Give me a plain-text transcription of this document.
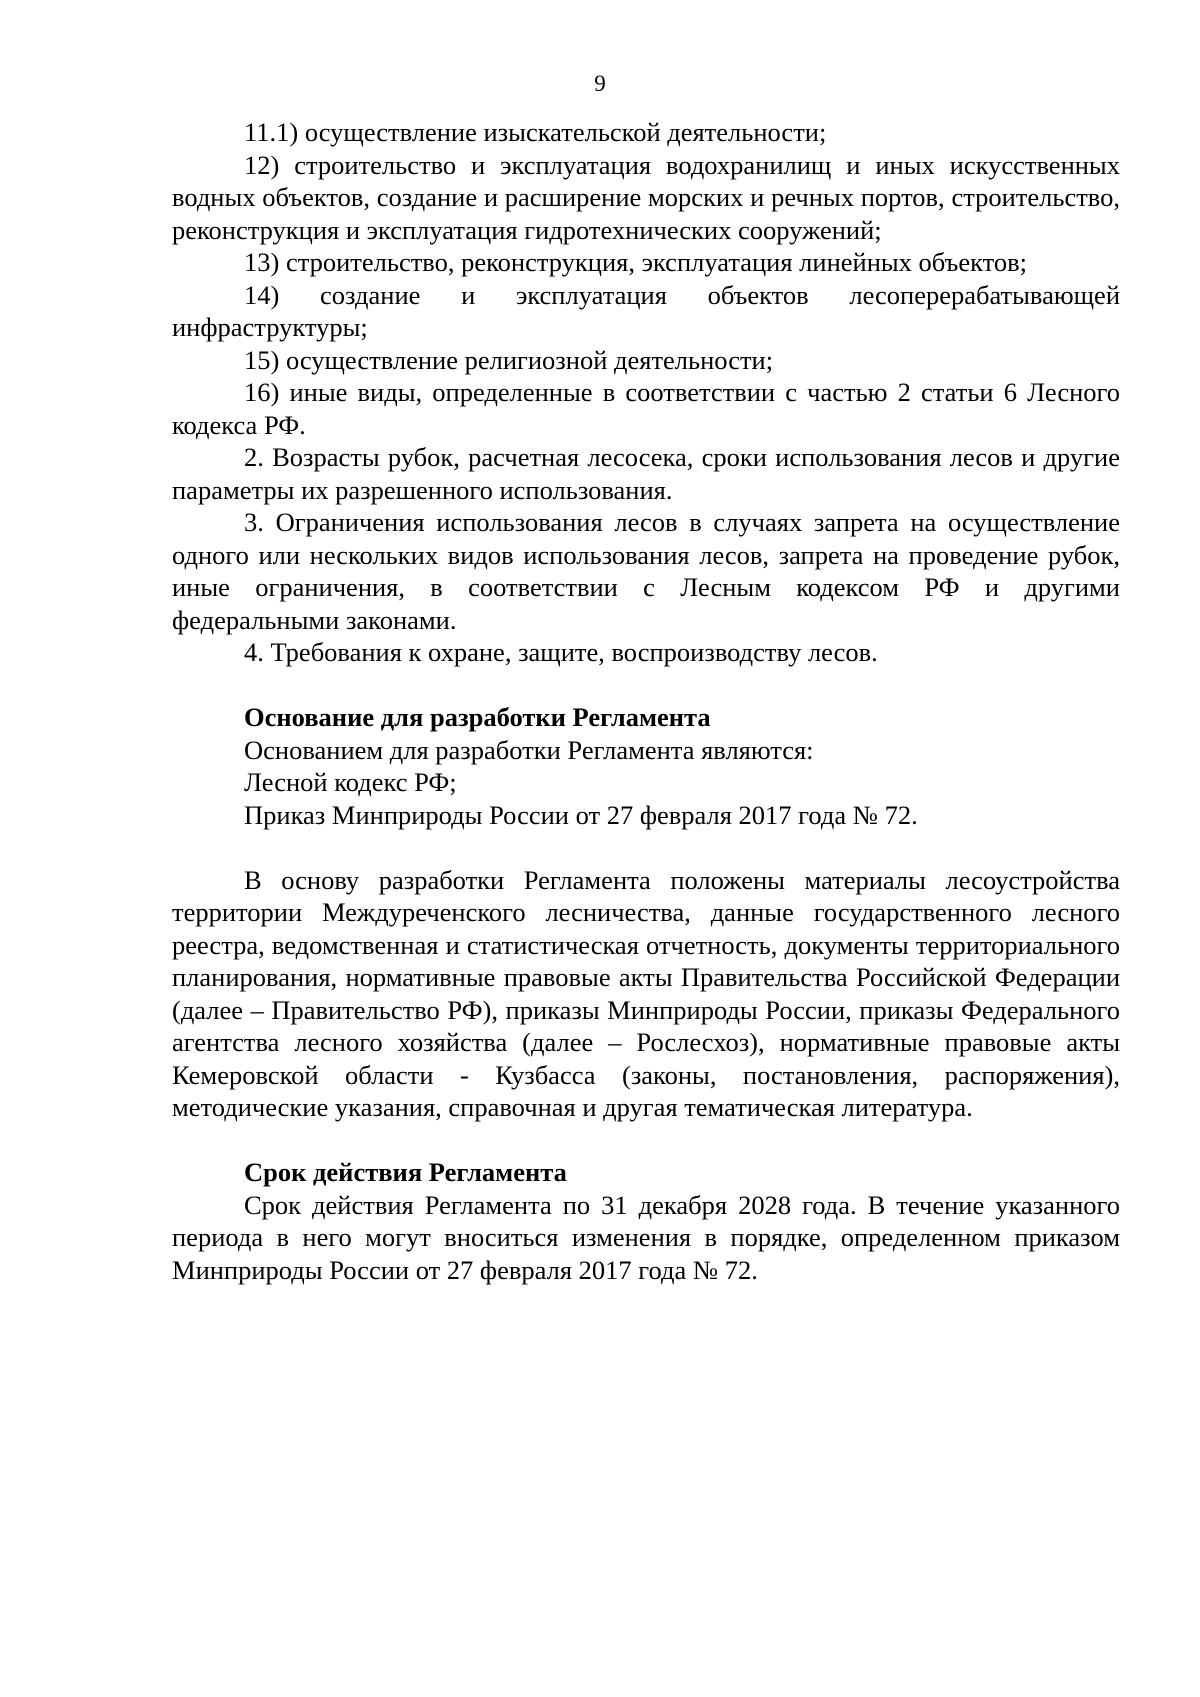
9

11.1) осуществление изыскательской деятельности;

12) строительство и эксплуатация водохранилищ и иных искусственных водных объектов, создание и расширение морских и речных портов, строительство, реконструкция и эксплуатация гидротехнических сооружений;

13) строительство, реконструкция, эксплуатация линейных объектов;

14) создание и эксплуатация объектов лесоперерабатывающей инфраструктуры;

15) осуществление религиозной деятельности;

16) иные виды, определенные в соответствии с частью 2 статьи 6 Лесного кодекса РФ.

2. Возрасты рубок, расчетная лесосека, сроки использования лесов и другие параметры их разрешенного использования.

3. Ограничения использования лесов в случаях запрета на осуществление одного или нескольких видов использования лесов, запрета на проведение рубок, иные ограничения, в соответствии с Лесным кодексом РФ и другими федеральными законами.

4. Требования к охране, защите, воспроизводству лесов.

Основание для разработки Регламента

Основанием для разработки Регламента являются:

Лесной кодекс РФ;

Приказ Минприроды России от 27 февраля 2017 года № 72.

В основу разработки Регламента положены материалы лесоустройства территории Междуреченского лесничества, данные государственного лесного реестра, ведомственная и статистическая отчетность, документы территориального планирования, нормативные правовые акты Правительства Российской Федерации (далее – Правительство РФ), приказы Минприроды России, приказы Федерального агентства лесного хозяйства (далее – Рослесхоз), нормативные правовые акты Кемеровской области - Кузбасса (законы, постановления, распоряжения), методические указания, справочная и другая тематическая литература.

Срок действия Регламента

Срок действия Регламента по 31 декабря 2028 года. В течение указанного периода в него могут вноситься изменения в порядке, определенном приказом Минприроды России от 27 февраля 2017 года № 72.
